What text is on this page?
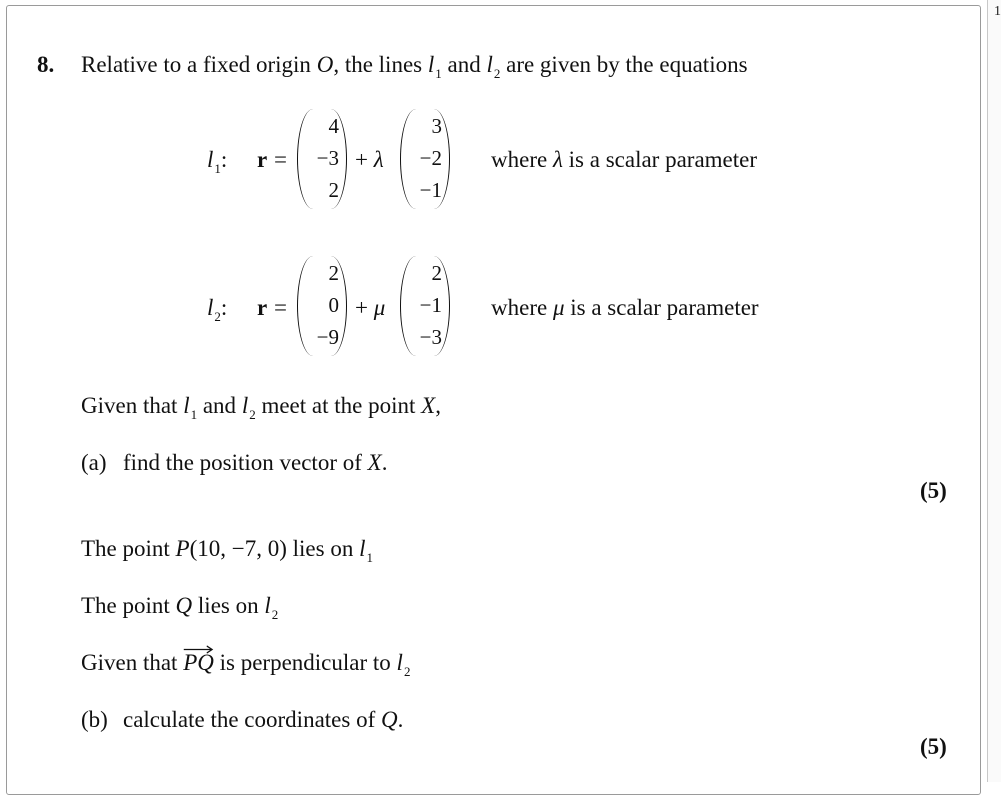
1
8. Relative to a fixed origin O, the lines $l_1$ and $l_2$ are given by the equations
$l_1$: r =
4
−3
2
+ λ
3
−2
−1
where λ is a scalar parameter
$l_2$: r =
2
0
−9
+ μ
2
−1
−3
where μ is a scalar parameter
Given that $l_1$ and $l_2$ meet at the point X,
(a) find the position vector of X.
(5)
The point P(10, −7, 0) lies on $l_1$
The point Q lies on $l_2$
Given that
PQ is perpendicular to $l_2$
(b) calculate the coordinates of Q.
(5)
